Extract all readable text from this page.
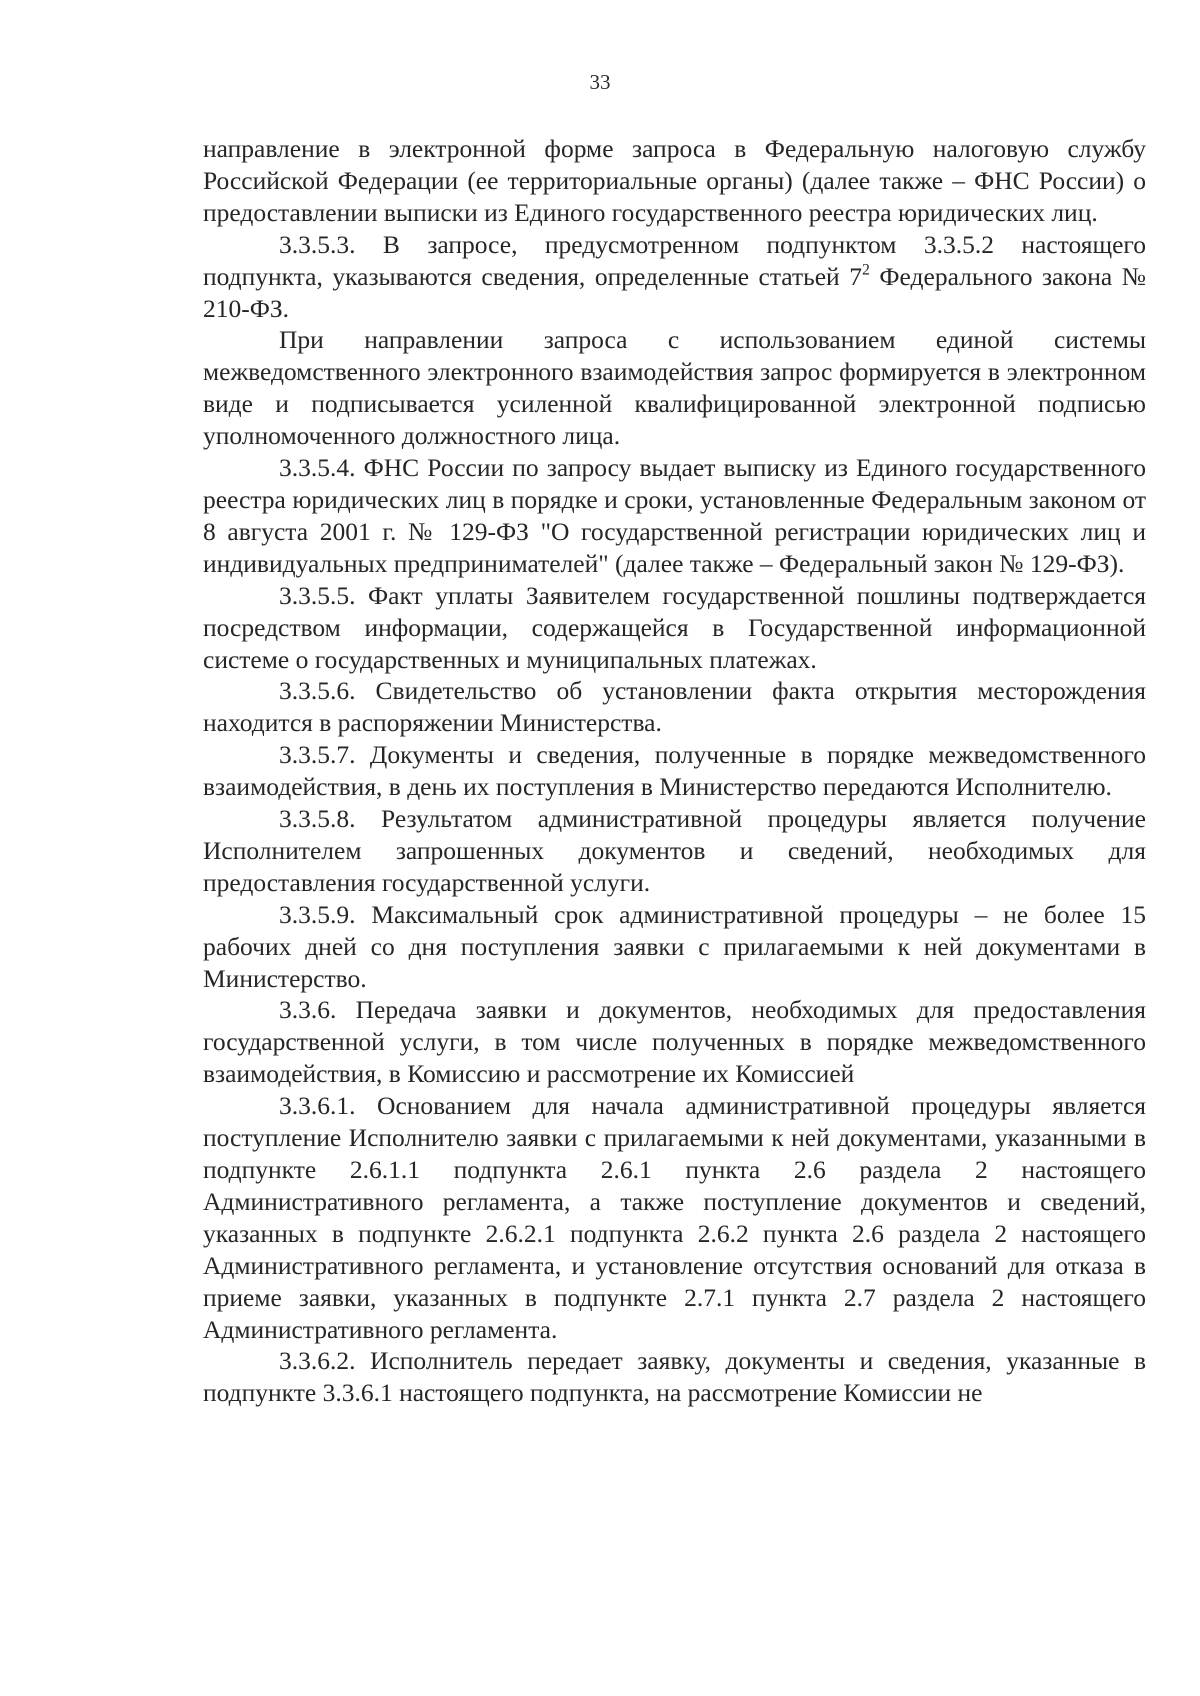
33

направление в электронной форме запроса в Федеральную налоговую службу Российской Федерации (ее территориальные органы) (далее также – ФНС России) о предоставлении выписки из Единого государственного реестра юридических лиц.

3.3.5.3. В запросе, предусмотренном подпунктом 3.3.5.2 настоящего подпункта, указываются сведения, определенные статьей $7^2$ Федерального закона № 210-ФЗ.

При направлении запроса с использованием единой системы межведомственного электронного взаимодействия запрос формируется в электронном виде и подписывается усиленной квалифицированной электронной подписью уполномоченного должностного лица.

3.3.5.4. ФНС России по запросу выдает выписку из Единого государственного реестра юридических лиц в порядке и сроки, установленные Федеральным законом от 8 августа 2001 г. № 129-ФЗ "О государственной регистрации юридических лиц и индивидуальных предпринимателей" (далее также – Федеральный закон № 129-ФЗ).

3.3.5.5. Факт уплаты Заявителем государственной пошлины подтверждается посредством информации, содержащейся в Государственной информационной системе о государственных и муниципальных платежах.

3.3.5.6. Свидетельство об установлении факта открытия месторождения находится в распоряжении Министерства.

3.3.5.7. Документы и сведения, полученные в порядке межведомственного взаимодействия, в день их поступления в Министерство передаются Исполнителю.

3.3.5.8. Результатом административной процедуры является получение Исполнителем запрошенных документов и сведений, необходимых для предоставления государственной услуги.

3.3.5.9. Максимальный срок административной процедуры – не более 15 рабочих дней со дня поступления заявки с прилагаемыми к ней документами в Министерство.

3.3.6. Передача заявки и документов, необходимых для предоставления государственной услуги, в том числе полученных в порядке межведомственного взаимодействия, в Комиссию и рассмотрение их Комиссией

3.3.6.1. Основанием для начала административной процедуры является поступление Исполнителю заявки с прилагаемыми к ней документами, указанными в подпункте 2.6.1.1 подпункта 2.6.1 пункта 2.6 раздела 2 настоящего Административного регламента, а также поступление документов и сведений, указанных в подпункте 2.6.2.1 подпункта 2.6.2 пункта 2.6 раздела 2 настоящего Административного регламента, и установление отсутствия оснований для отказа в приеме заявки, указанных в подпункте 2.7.1 пункта 2.7 раздела 2 настоящего Административного регламента.

3.3.6.2. Исполнитель передает заявку, документы и сведения, указанные в подпункте 3.3.6.1 настоящего подпункта, на рассмотрение Комиссии не
